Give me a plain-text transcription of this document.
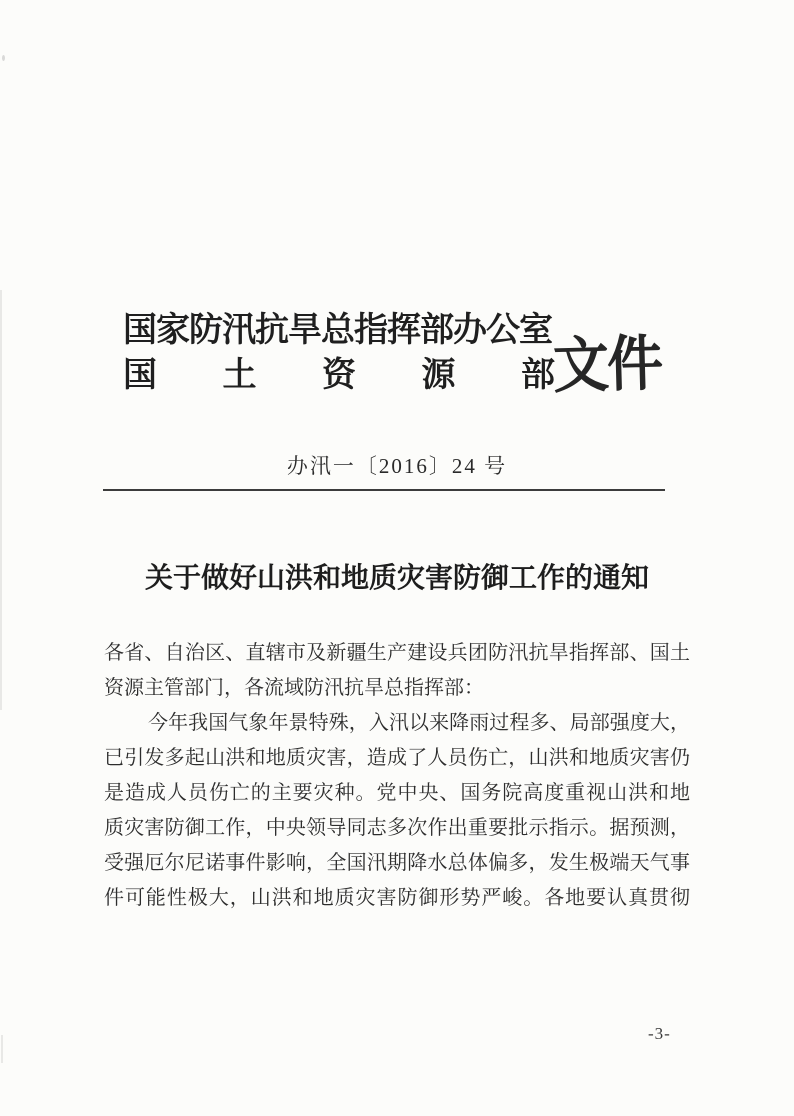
国家防汛抗旱总指挥部办公室
国土资源部
文件
办汛一〔2016〕24 号
关于做好山洪和地质灾害防御工作的通知
各省、自治区、直辖市及新疆生产建设兵团防汛抗旱指挥部、国土
资源主管部门，各流域防汛抗旱总指挥部：
今年我国气象年景特殊，入汛以来降雨过程多、局部强度大，
已引发多起山洪和地质灾害，造成了人员伤亡，山洪和地质灾害仍
是造成人员伤亡的主要灾种。党中央、国务院高度重视山洪和地
质灾害防御工作，中央领导同志多次作出重要批示指示。据预测，
受强厄尔尼诺事件影响，全国汛期降水总体偏多，发生极端天气事
件可能性极大，山洪和地质灾害防御形势严峻。各地要认真贯彻
-3-
